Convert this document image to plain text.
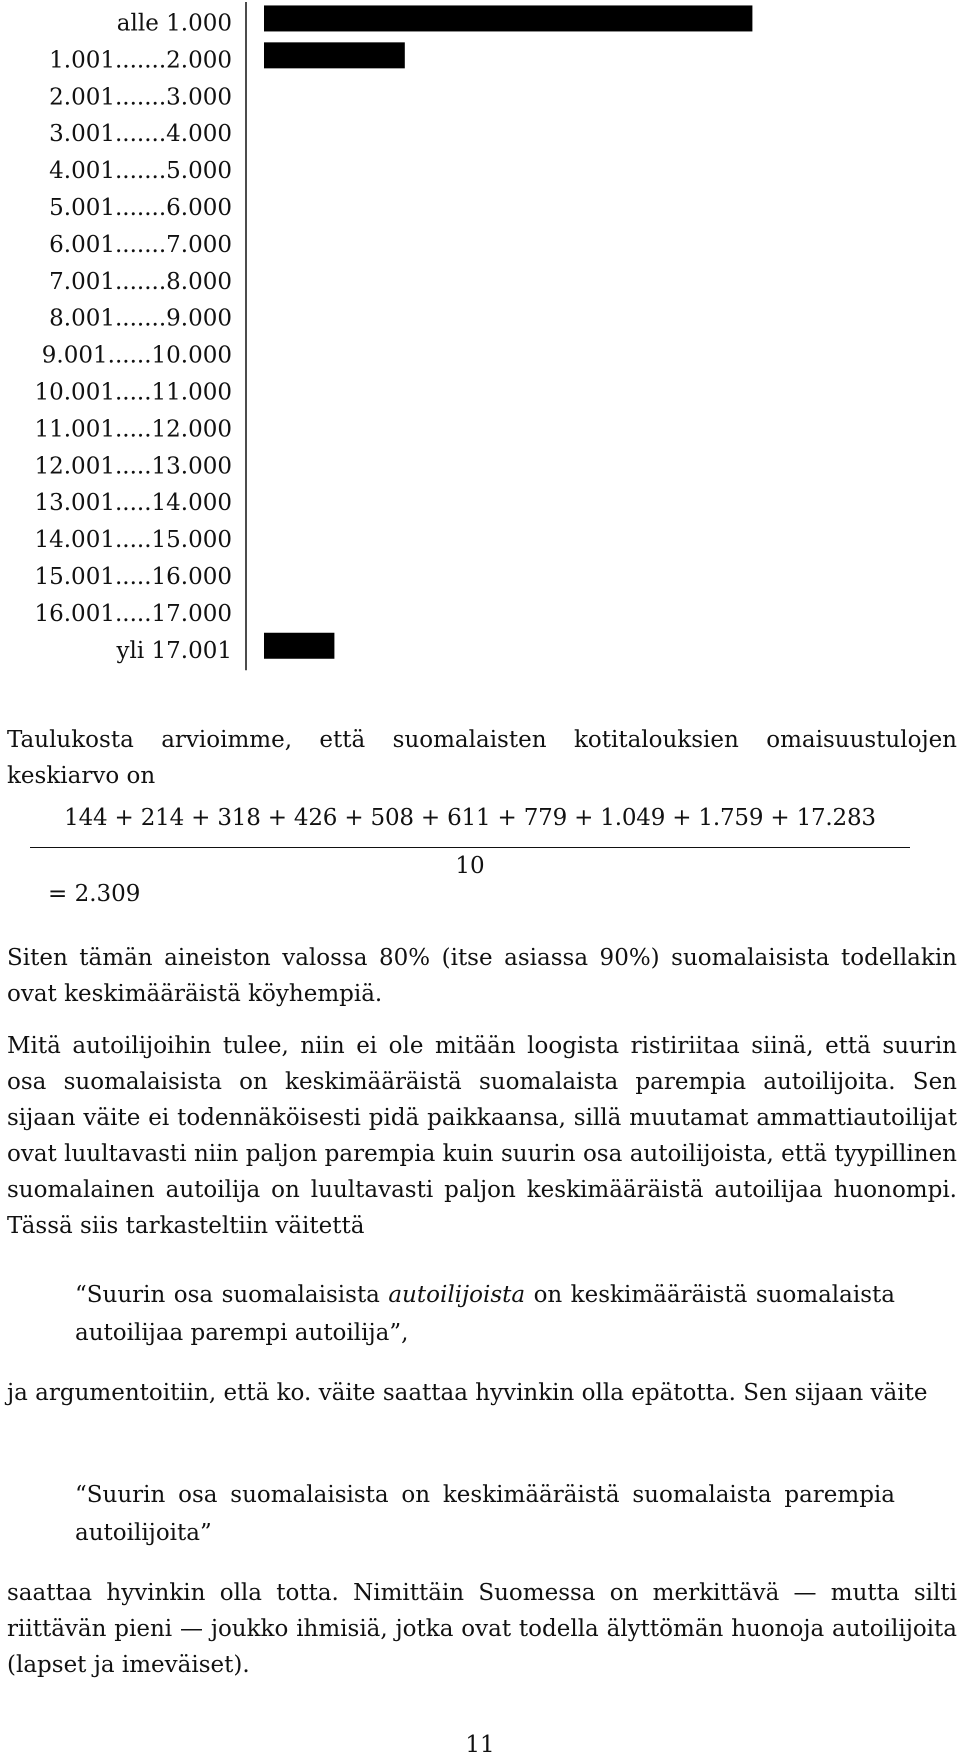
alle 1.000
1.001.......2.000
2.001.......3.000
3.001.......4.000
4.001.......5.000
5.001.......6.000
6.001.......7.000
7.001.......8.000
8.001.......9.000
9.001......10.000
10.001.....11.000
11.001.....12.000
12.001.....13.000
13.001.....14.000
14.001.....15.000
15.001.....16.000
16.001.....17.000
yli 17.001

Taulukosta arvioimme, että suomalaisten kotitalouksien omaisuustulojen keskiarvo on

144 + 214 + 318 + 426 + 508 + 611 + 779 + 1.049 + 1.759 + 17.283
10
= 2.309

Siten tämän aineiston valossa 80% (itse asiassa 90%) suomalaisista todellakin ovat keskimääräistä köyhempiä.

Mitä autoilijoihin tulee, niin ei ole mitään loogista ristiriitaa siinä, että suurin osa suomalaisista on keskimääräistä suomalaista parempia autoilijoita. Sen sijaan väite ei todennäköisesti pidä paikkaansa, sillä muutamat ammattiautoilijat ovat luultavasti niin paljon parempia kuin suurin osa autoilijoista, että tyypillinen suomalainen autoilija on luultavasti paljon keskimääräistä autoilijaa huonompi. Tässä siis tarkasteltiin väitettä

“Suurin osa suomalaisista autoilijoista on keskimääräistä suomalaista autoilijaa parempi autoilija”,

ja argumentoitiin, että ko. väite saattaa hyvinkin olla epätotta. Sen sijaan väite

“Suurin osa suomalaisista on keskimääräistä suomalaista parempia autoilijoita”

saattaa hyvinkin olla totta. Nimittäin Suomessa on merkittävä — mutta silti riittävän pieni — joukko ihmisiä, jotka ovat todella älyttömän huonoja autoilijoita (lapset ja imeväiset).

11
